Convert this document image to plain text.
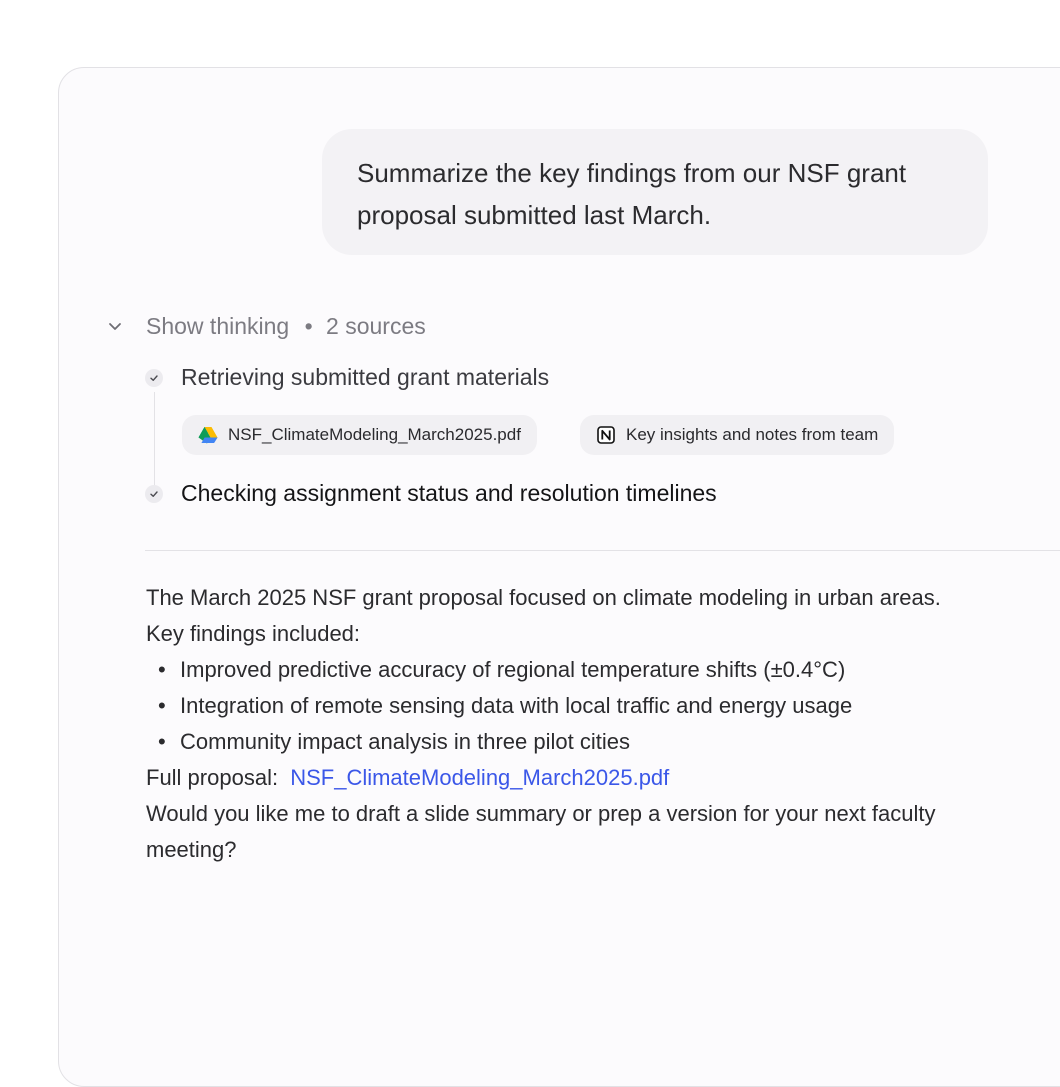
Summarize the key findings from our NSF grant proposal submitted last March.
Show thinking • 2 sources
Retrieving submitted grant materials
NSF_ClimateModeling_March2025.pdf	Key insights and notes from team
Checking assignment status and resolution timelines

The March 2025 NSF grant proposal focused on climate modeling in urban areas.

Key findings included:

• Improved predictive accuracy of regional temperature shifts (±0.4°C)
• Integration of remote sensing data with local traffic and energy usage
• Community impact analysis in three pilot cities

Full proposal: NSF_ClimateModeling_March2025.pdf

Would you like me to draft a slide summary or prep a version for your next faculty meeting?
